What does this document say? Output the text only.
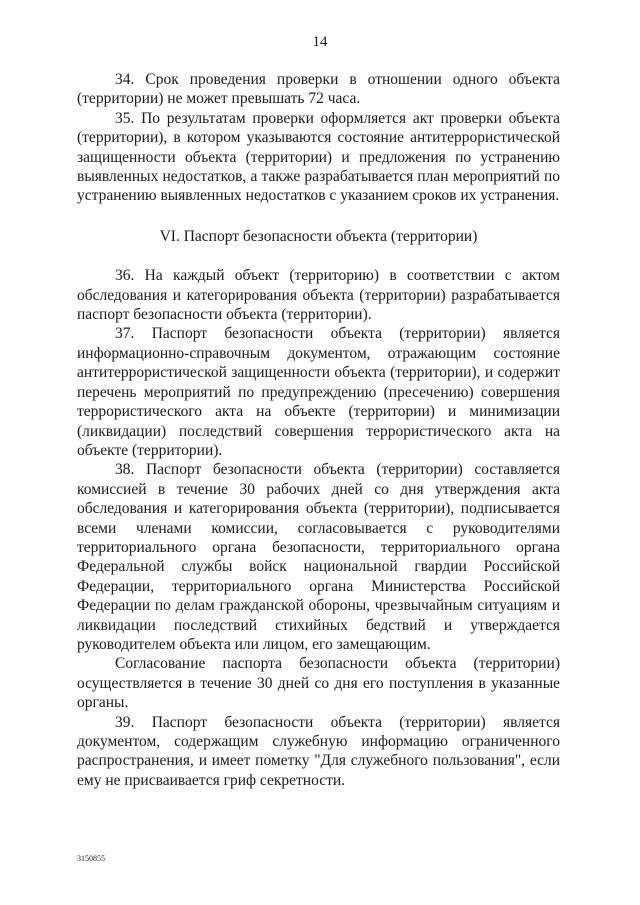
14

34. Срок проведения проверки в отношении одного объекта (территории) не может превышать 72 часа.

35. По результатам проверки оформляется акт проверки объекта (территории), в котором указываются состояние антитеррористической защищенности объекта (территории) и предложения по устранению выявленных недостатков, а также разрабатывается план мероприятий по устранению выявленных недостатков с указанием сроков их устранения.

VI. Паспорт безопасности объекта (территории)

36. На каждый объект (территорию) в соответствии с актом обследования и категорирования объекта (территории) разрабатывается паспорт безопасности объекта (территории).

37. Паспорт безопасности объекта (территории) является информационно-справочным документом, отражающим состояние антитеррористической защищенности объекта (территории), и содержит перечень мероприятий по предупреждению (пресечению) совершения террористического акта на объекте (территории) и минимизации (ликвидации) последствий совершения террористического акта на объекте (территории).

38. Паспорт безопасности объекта (территории) составляется комиссией в течение 30 рабочих дней со дня утверждения акта обследования и категорирования объекта (территории), подписывается всеми членами комиссии, согласовывается с руководителями территориального органа безопасности, территориального органа Федеральной службы войск национальной гвардии Российской Федерации, территориального органа Министерства Российской Федерации по делам гражданской обороны, чрезвычайным ситуациям и ликвидации последствий стихийных бедствий и утверждается руководителем объекта или лицом, его замещающим.

Согласование паспорта безопасности объекта (территории) осуществляется в течение 30 дней со дня его поступления в указанные органы.

39. Паспорт безопасности объекта (территории) является документом, содержащим служебную информацию ограниченного распространения, и имеет пометку "Для служебного пользования", если ему не присваивается гриф секретности.

3150855
